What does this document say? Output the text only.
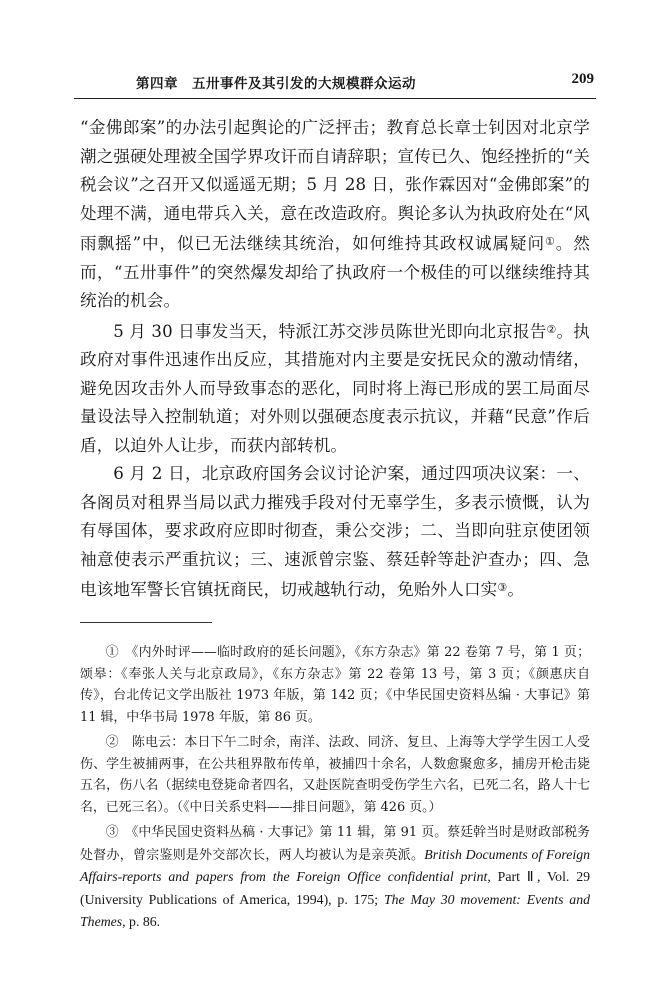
第四章　五卅事件及其引发的大规模群众运动	209

“金佛郎案”的办法引起舆论的广泛抨击；教育总长章士钊因对北京学潮之强硬处理被全国学界攻讦而自请辞职；宣传已久、饱经挫折的“关税会议”之召开又似遥遥无期；5 月 28 日，张作霖因对“金佛郎案”的处理不满，通电带兵入关，意在改造政府。舆论多认为执政府处在“风雨飘摇”中，似已无法继续其统治，如何维持其政权诚属疑问①。然而，“五卅事件”的突然爆发却给了执政府一个极佳的可以继续维持其统治的机会。

5 月 30 日事发当天，特派江苏交涉员陈世光即向北京报告②。执政府对事件迅速作出反应，其措施对内主要是安抚民众的激动情绪，避免因攻击外人而导致事态的恶化，同时将上海已形成的罢工局面尽量设法导入控制轨道；对外则以强硬态度表示抗议，并藉“民意”作后盾，以迫外人让步，而获内部转机。

6 月 2 日，北京政府国务会议讨论沪案，通过四项决议案：一、各阁员对租界当局以武力摧残手段对付无辜学生，多表示愤慨，认为有辱国体，要求政府应即时彻查，秉公交涉；二、当即向驻京使团领袖意使表示严重抗议；三、速派曾宗鉴、蔡廷幹等赴沪查办；四、急电该地军警长官镇抚商民，切戒越轨行动，免贻外人口实③。

①　《内外时评——临时政府的延长问题》，《东方杂志》第 22 卷第 7 号，第 1 页；颂皋：《奉张人关与北京政局》，《东方杂志》第 22 卷第 13 号，第 3 页；《颜惠庆自传》，台北传记文学出版社 1973 年版，第 142 页；《中华民国史资料丛编 · 大事记》第 11 辑，中华书局 1978 年版，第 86 页。

②　陈电云：本日下午二时余，南洋、法政、同济、复旦、上海等大学学生因工人受伤、学生被捕两事，在公共租界散布传单，被捕四十余名，人数愈聚愈多，捕房开枪击毙五名，伤八名（据续电登毙命者四名，又赴医院查明受伤学生六名，已死二名，路人十七名，已死三名）。（《中日关系史料——排日问题》，第 426 页。）

③　《中华民国史资料丛稿 · 大事记》第 11 辑，第 91 页。蔡廷幹当时是财政部税务处督办，曾宗鉴则是外交部次长，两人均被认为是亲英派。British Documents of Foreign Affairs-reports and papers from the Foreign Office confidential print, Part Ⅱ, Vol. 29 (University Publications of America, 1994), p. 175; The May 30 movement: Events and Themes, p. 86.
